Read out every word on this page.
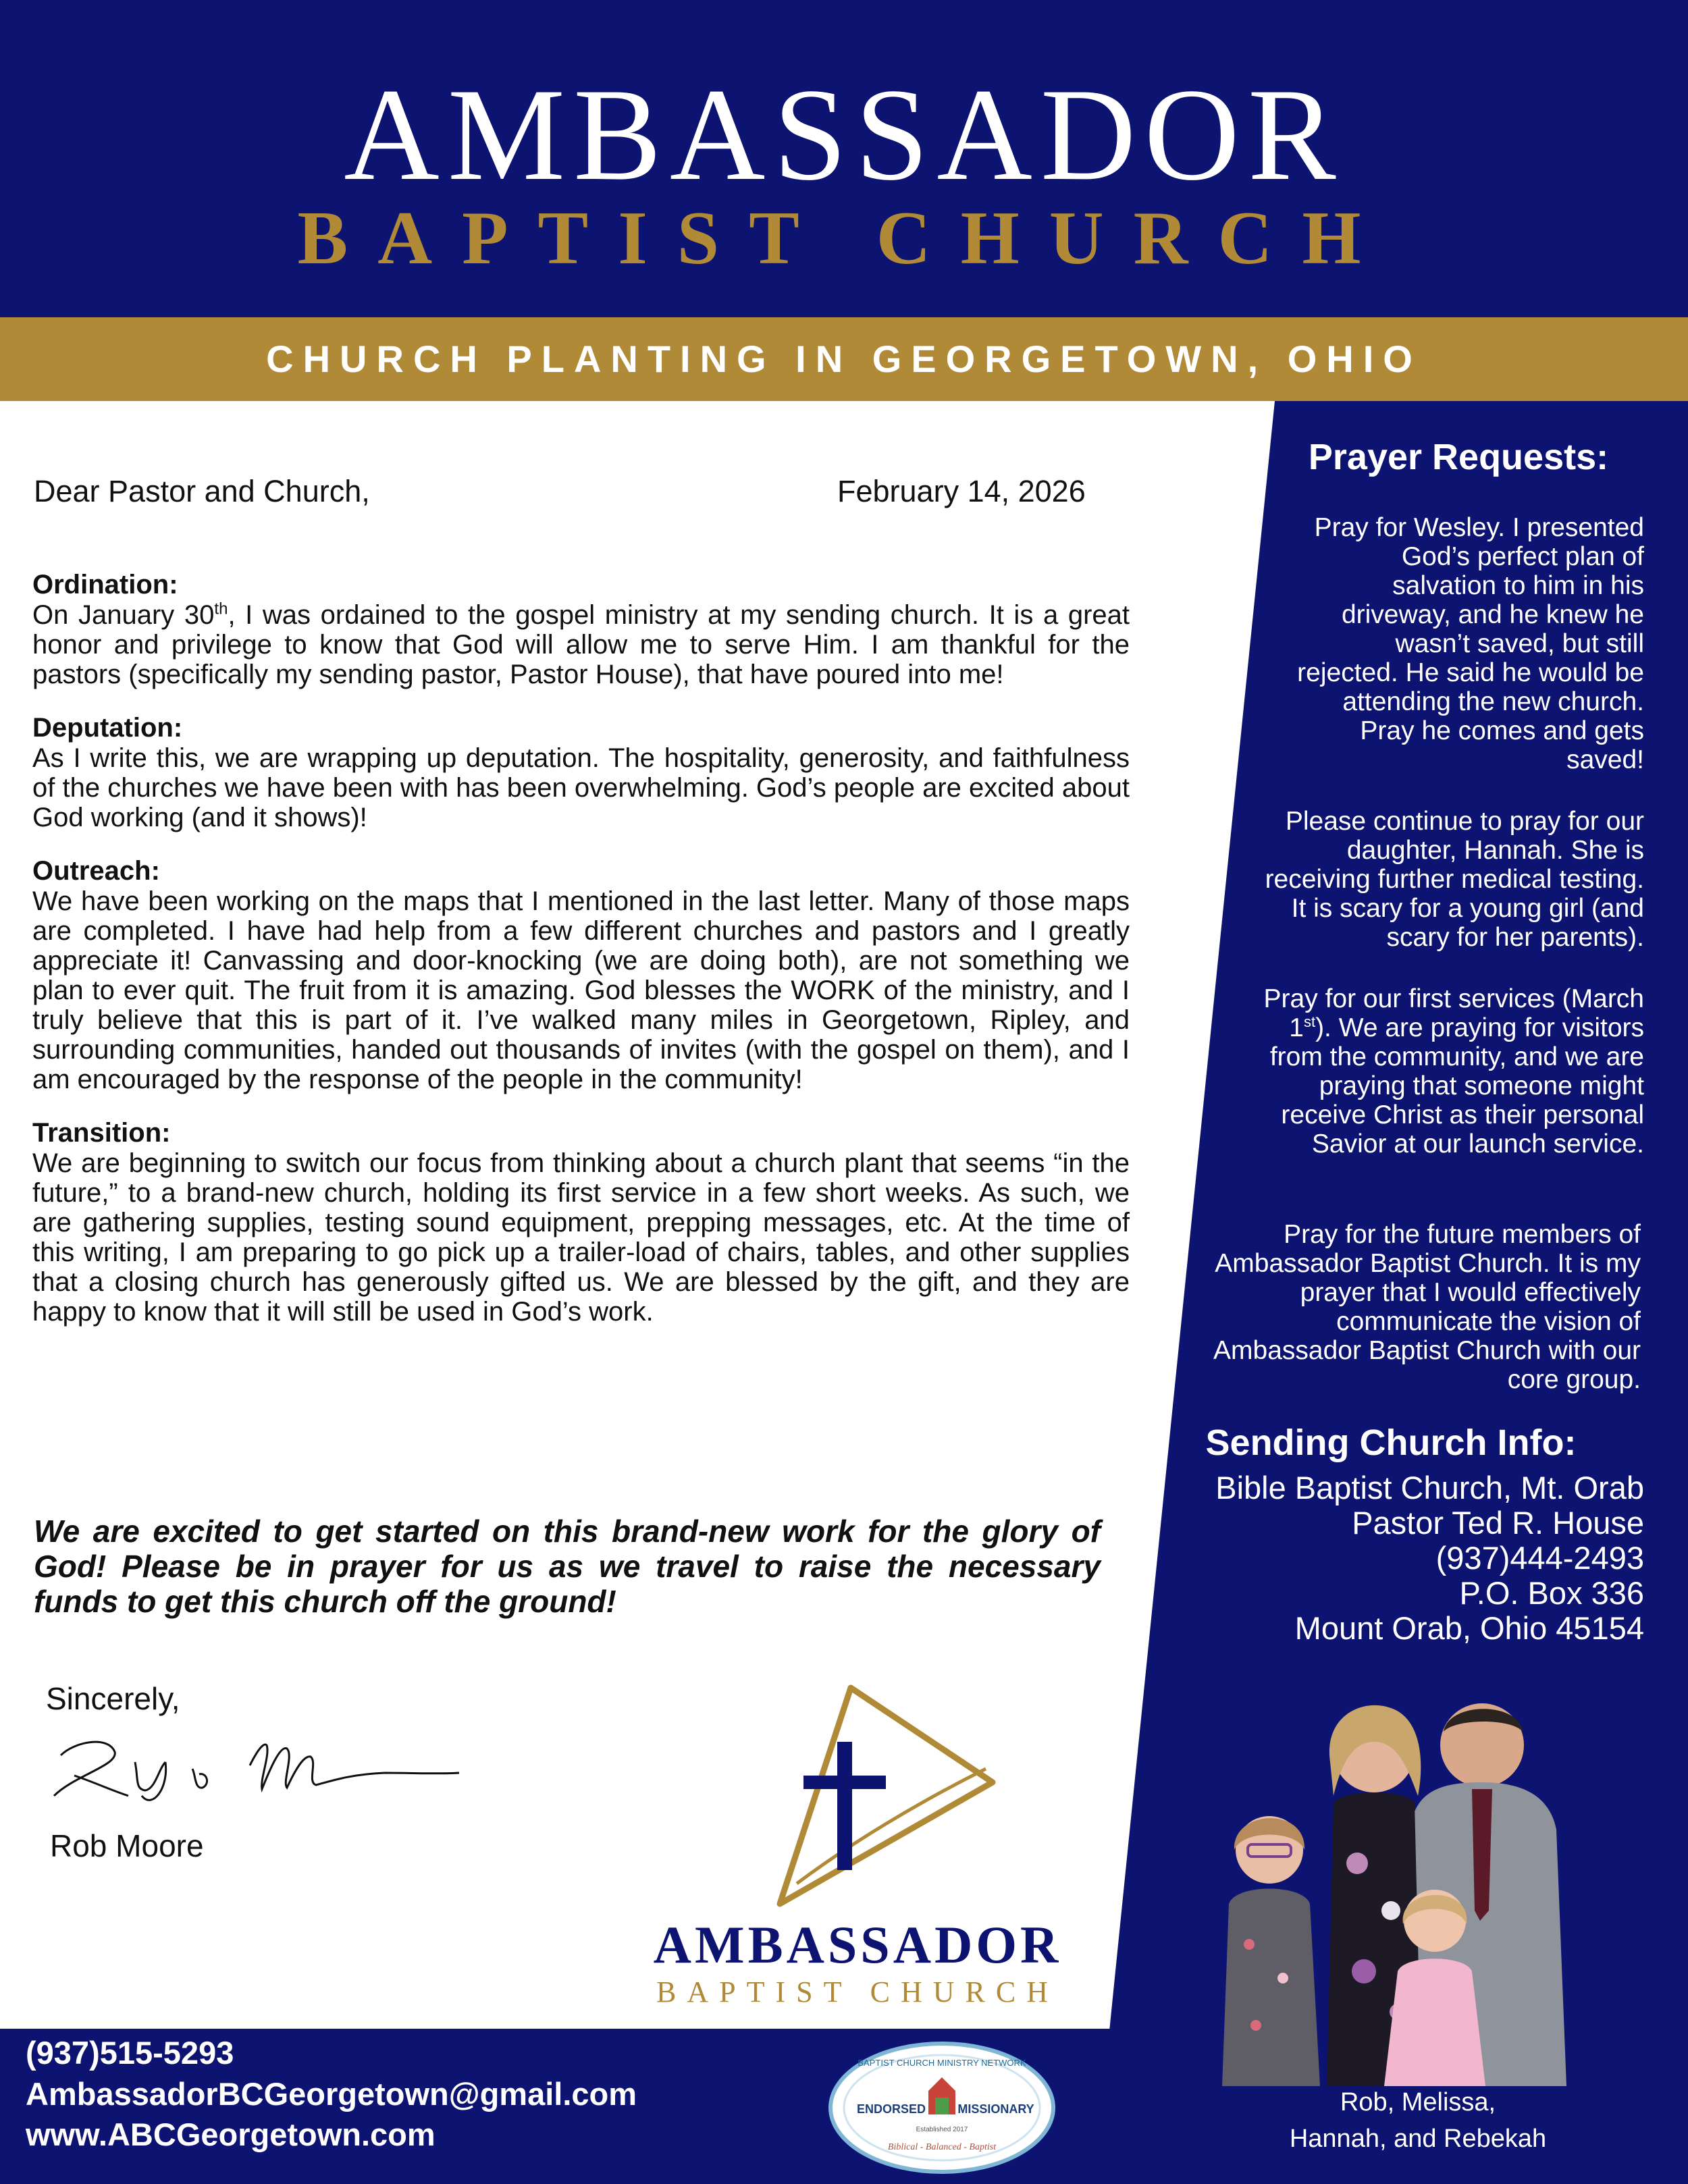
AMBASSADOR
BAPTIST CHURCH
CHURCH PLANTING IN GEORGETOWN, OHIO
Dear Pastor and Church,	February 14, 2026
Ordination:
On January 30th, I was ordained to the gospel ministry at my sending church. It is a great honor and privilege to know that God will allow me to serve Him. I am thankful for the pastors (specifically my sending pastor, Pastor House), that have poured into me!
Deputation:
As I write this, we are wrapping up deputation. The hospitality, generosity, and faithfulness of the churches we have been with has been overwhelming. God’s people are excited about God working (and it shows)!
Outreach:
We have been working on the maps that I mentioned in the last letter. Many of those maps are completed. I have had help from a few different churches and pastors and I greatly appreciate it! Canvassing and door-knocking (we are doing both), are not something we plan to ever quit. The fruit from it is amazing. God blesses the WORK of the ministry, and I truly believe that this is part of it. I’ve walked many miles in Georgetown, Ripley, and surrounding communities, handed out thousands of invites (with the gospel on them), and I am encouraged by the response of the people in the community!
Transition:
We are beginning to switch our focus from thinking about a church plant that seems “in the future,” to a brand-new church, holding its first service in a few short weeks. As such, we are gathering supplies, testing sound equipment, prepping messages, etc. At the time of this writing, I am preparing to go pick up a trailer-load of chairs, tables, and other supplies that a closing church has generously gifted us. We are blessed by the gift, and they are happy to know that it will still be used in God’s work.
We are excited to get started on this brand-new work for the glory of God! Please be in prayer for us as we travel to raise the necessary funds to get this church off the ground!
Sincerely,
Rob Moore
AMBASSADOR
BAPTIST CHURCH
Prayer Requests:
Pray for Wesley. I presented God’s perfect plan of salvation to him in his driveway, and he knew he wasn’t saved, but still rejected. He said he would be attending the new church. Pray he comes and gets saved!
Please continue to pray for our daughter, Hannah. She is receiving further medical testing. It is scary for a young girl (and scary for her parents).
Pray for our first services (March 1st). We are praying for visitors from the community, and we are praying that someone might receive Christ as their personal Savior at our launch service.
Pray for the future members of Ambassador Baptist Church. It is my prayer that I would effectively communicate the vision of Ambassador Baptist Church with our core group.
Sending Church Info:
Bible Baptist Church, Mt. Orab
Pastor Ted R. House
(937)444-2493
P.O. Box 336
Mount Orab, Ohio 45154
Rob, Melissa,
Hannah, and Rebekah
(937)515-5293
AmbassadorBCGeorgetown@gmail.com
www.ABCGeorgetown.com
BAPTIST CHURCH MINISTRY NETWORK
ENDORSED	MISSIONARY
Established 2017
Biblical - Balanced - Baptist
